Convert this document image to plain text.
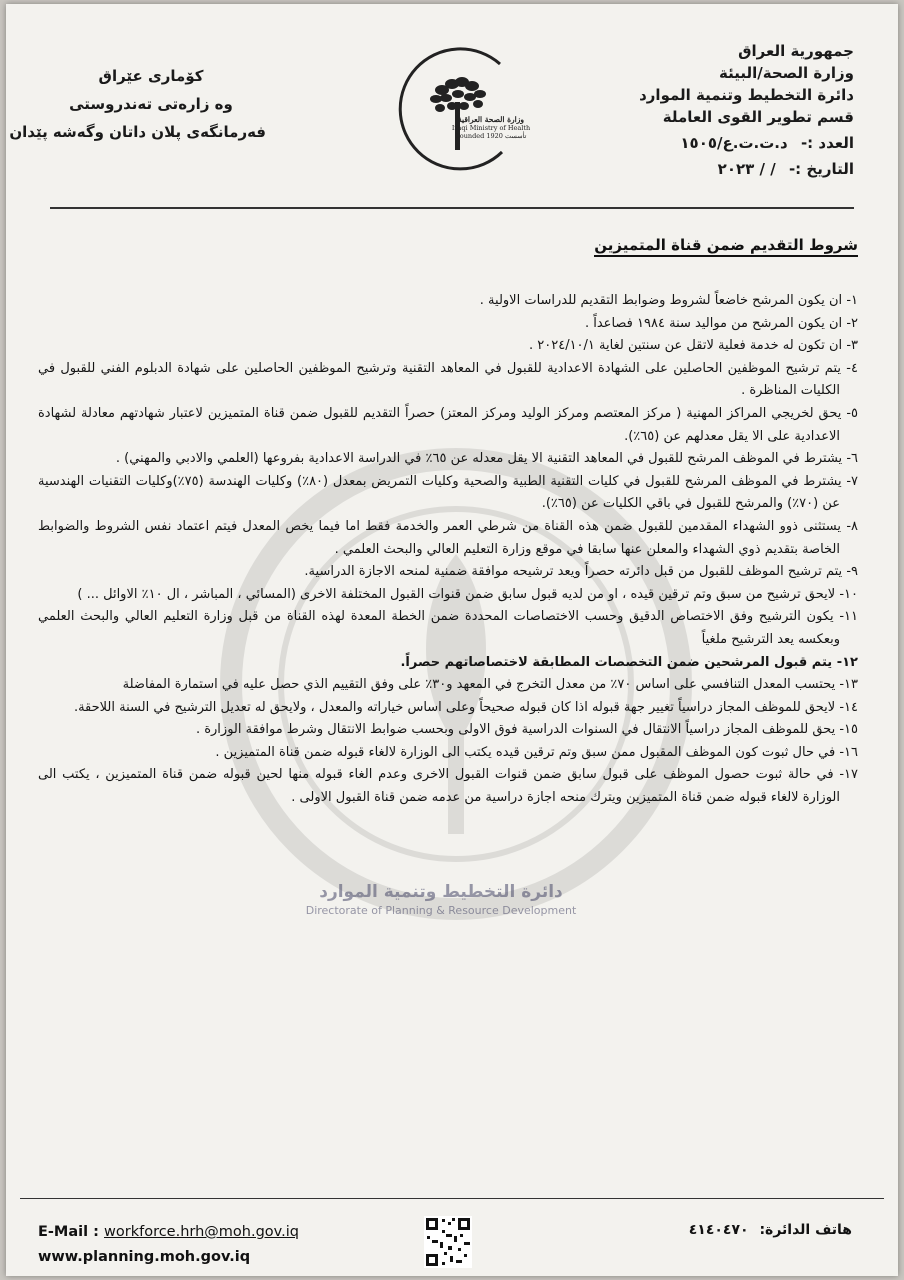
جمهورية العراق
وزارة الصحة/البيئة
دائرة التخطيط وتنمية الموارد
قسم تطوير القوى العاملة
العدد :- د.ت.ت.ع/١٥٠٥
التاريخ :- / / ٢٠٢٣
کۆماری عێراق
وه زارەتی تەندروستی
فەرمانگەی پلان داتان وگەشە پێدان
وزارة الصحة العراقية
Iraqi Ministry of Health
Founded 1920 تأسست
شروط التقديم ضمن قناة المتميزين

١- ان يكون المرشح خاضعاً لشروط وضوابط التقديم للدراسات الاولية .

٢- ان يكون المرشح من مواليد سنة ١٩٨٤ فصاعداً .

٣- ان تكون له خدمة فعلية لاتقل عن سنتين لغاية ٢٠٢٤/١٠/١ .

٤- يتم ترشيح الموظفين الحاصلين على الشهادة الاعدادية للقبول في المعاهد التقنية وترشيح الموظفين الحاصلين على شهادة الدبلوم الفني للقبول في الكليات المناظرة .

٥- يحق لخريجي المراكز المهنية ( مركز المعتصم ومركز الوليد ومركز المعتز) حصراً التقديم للقبول ضمن قناة المتميزين لاعتبار شهادتهم معادلة لشهادة الاعدادية على الا يقل معدلهم عن (٦٥٪).

٦- يشترط في الموظف المرشح للقبول في المعاهد التقنية الا يقل معدله عن ٦٥٪ في الدراسة الاعدادية بفروعها (العلمي والادبي والمهني) .

٧- يشترط في الموظف المرشح للقبول في كليات التقنية الطبية والصحية وكليات التمريض بمعدل (٨٠٪) وكليات الهندسة (٧٥٪)وكليات التقنيات الهندسية عن (٧٠٪) والمرشح للقبول في باقي الكليات عن (٦٥٪).

٨- يستثنى ذوو الشهداء المقدمين للقبول ضمن هذه القناة من شرطي العمر والخدمة فقط اما فيما يخص المعدل فيتم اعتماد نفس الشروط والضوابط الخاصة بتقديم ذوي الشهداء والمعلن عنها سابقا في موقع وزارة التعليم العالي والبحث العلمي .

٩- يتم ترشيح الموظف للقبول من قبل دائرته حصراً ويعد ترشيحه موافقة ضمنية لمنحه الاجازة الدراسية.

١٠- لايحق ترشيح من سبق وتم ترقين قيده ، او من لديه قبول سابق ضمن قنوات القبول المختلفة الاخرى (المسائي ، المباشر ، ال ١٠٪ الاوائل ... )

١١- يكون الترشيح وفق الاختصاص الدقيق وحسب الاختصاصات المحددة ضمن الخطة المعدة لهذه القناة من قبل وزارة التعليم العالي والبحث العلمي وبعكسه يعد الترشيح ملغياً

١٢- يتم قبول المرشحين ضمن التخصصات المطابقة لاختصاصاتهم حصراً.

١٣- يحتسب المعدل التنافسي على اساس ٧٠٪ من معدل التخرج في المعهد و٣٠٪ على وفق التقييم الذي حصل عليه في استمارة المفاضلة

١٤- لايحق للموظف المجاز دراسياً تغيير جهة قبوله اذا كان قبوله صحيحاً وعلى اساس خياراته والمعدل ، ولايحق له تعديل الترشيح في السنة اللاحقة.

١٥- يحق للموظف المجاز دراسياً الانتقال في السنوات الدراسية فوق الاولى وبحسب ضوابط الانتقال وشرط موافقة الوزارة .

١٦- في حال ثبوت كون الموظف المقبول ممن سبق وتم ترقين قيده يكتب الى الوزارة لالغاء قبوله ضمن قناة المتميزين .

١٧- في حالة ثبوت حصول الموظف على قبول سابق ضمن قنوات القبول الاخرى وعدم الغاء قبوله منها لحين قبوله ضمن قناة المتميزين ، يكتب الى الوزارة لالغاء قبوله ضمن قناة المتميزين ويترك منحه اجازة دراسية من عدمه ضمن قناة القبول الاولى .

دائرة التخطيط وتنمية الموارد
Directorate of Planning & Resource Development
E-Mail : workforce.hrh@moh.gov.iq
www.planning.moh.gov.iq
هاتف الدائرة: ٤١٤٠٤٧٠
